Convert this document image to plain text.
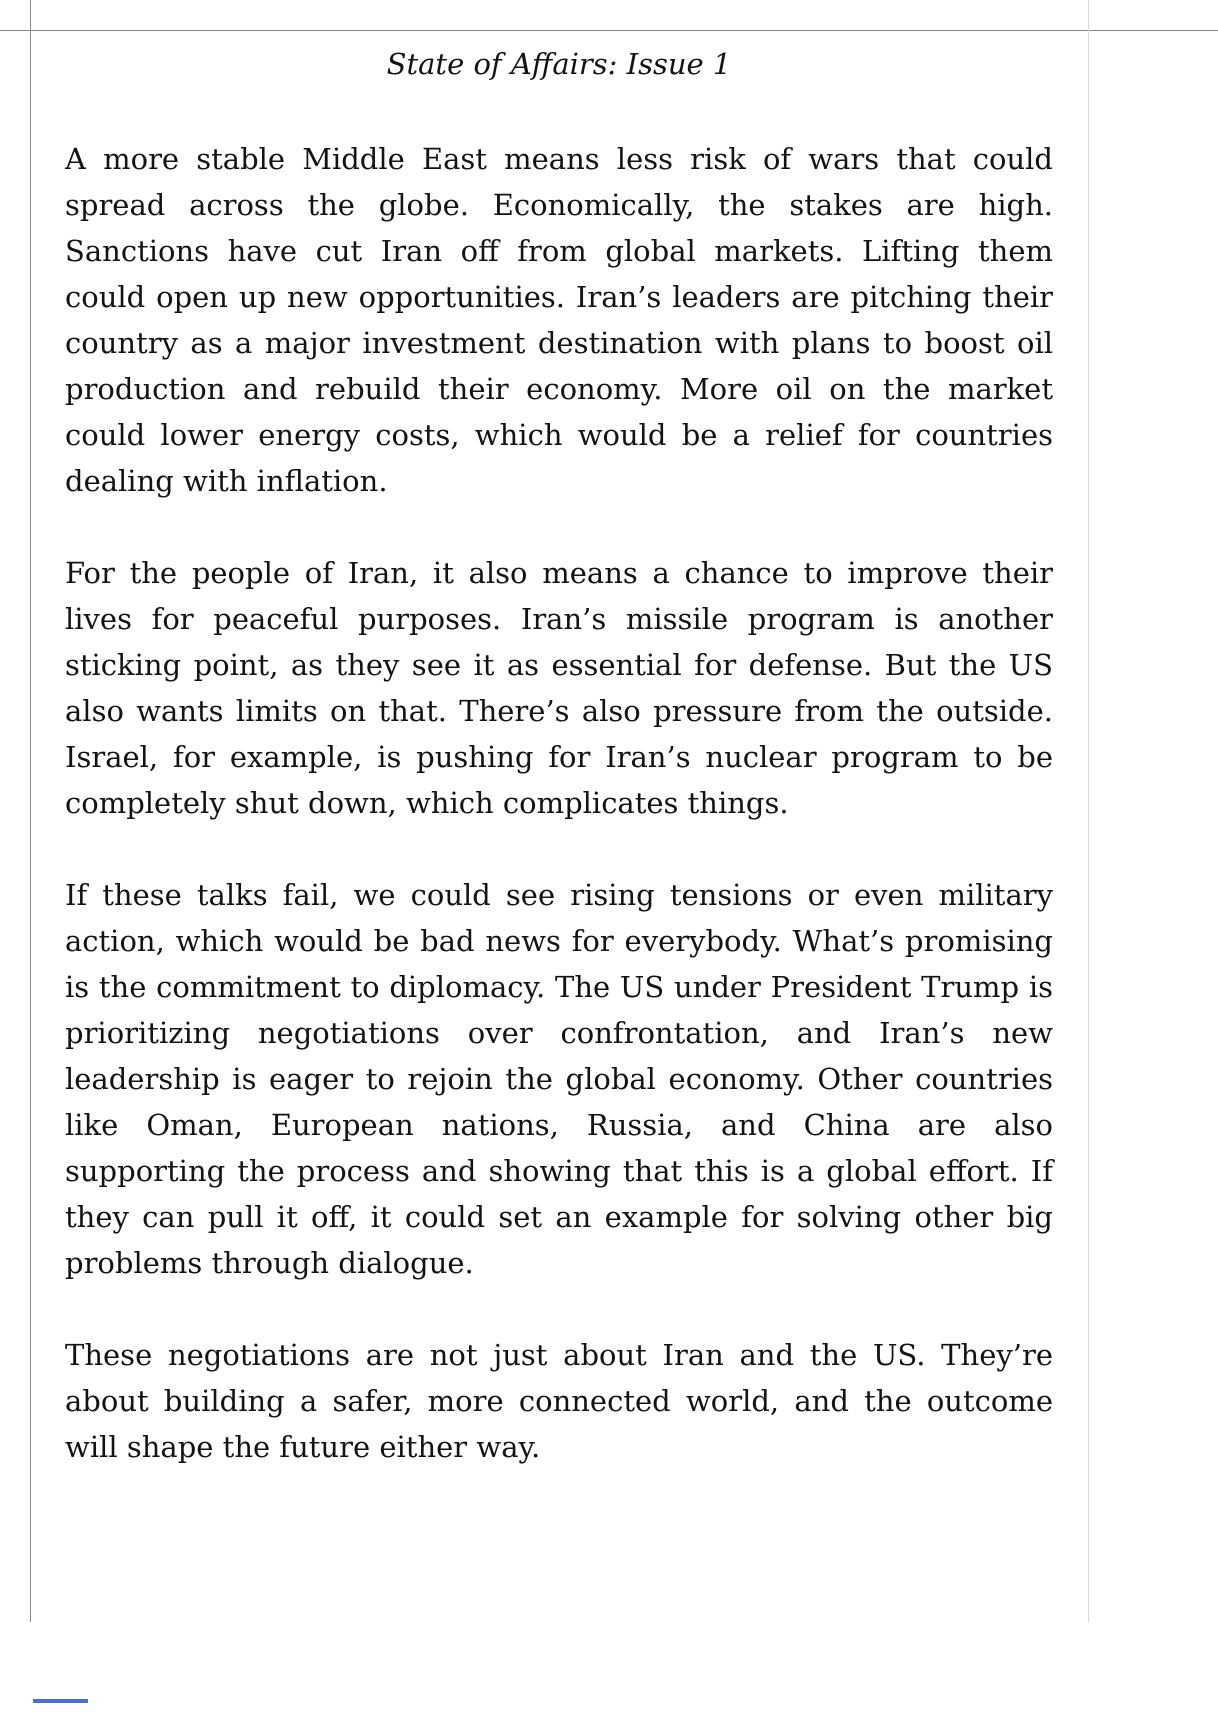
State of Affairs: Issue 1

A more stable Middle East means less risk of wars that could spread across the globe. Economically, the stakes are high. Sanctions have cut Iran off from global markets. Lifting them could open up new opportunities. Iran’s leaders are pitching their country as a major investment destination with plans to boost oil production and rebuild their economy. More oil on the market could lower energy costs, which would be a relief for countries dealing with inflation.

For the people of Iran, it also means a chance to improve their lives for peaceful purposes. Iran’s missile program is another sticking point, as they see it as essential for defense. But the US also wants limits on that. There’s also pressure from the outside. Israel, for example, is pushing for Iran’s nuclear program to be completely shut down, which complicates things.

If these talks fail, we could see rising tensions or even military action, which would be bad news for everybody. What’s promising is the commitment to diplomacy. The US under President Trump is prioritizing negotiations over confrontation, and Iran’s new leadership is eager to rejoin the global economy. Other countries like Oman, European nations, Russia, and China are also supporting the process and showing that this is a global effort. If they can pull it off, it could set an example for solving other big problems through dialogue.

These negotiations are not just about Iran and the US. They’re about building a safer, more connected world, and the outcome will shape the future either way.
